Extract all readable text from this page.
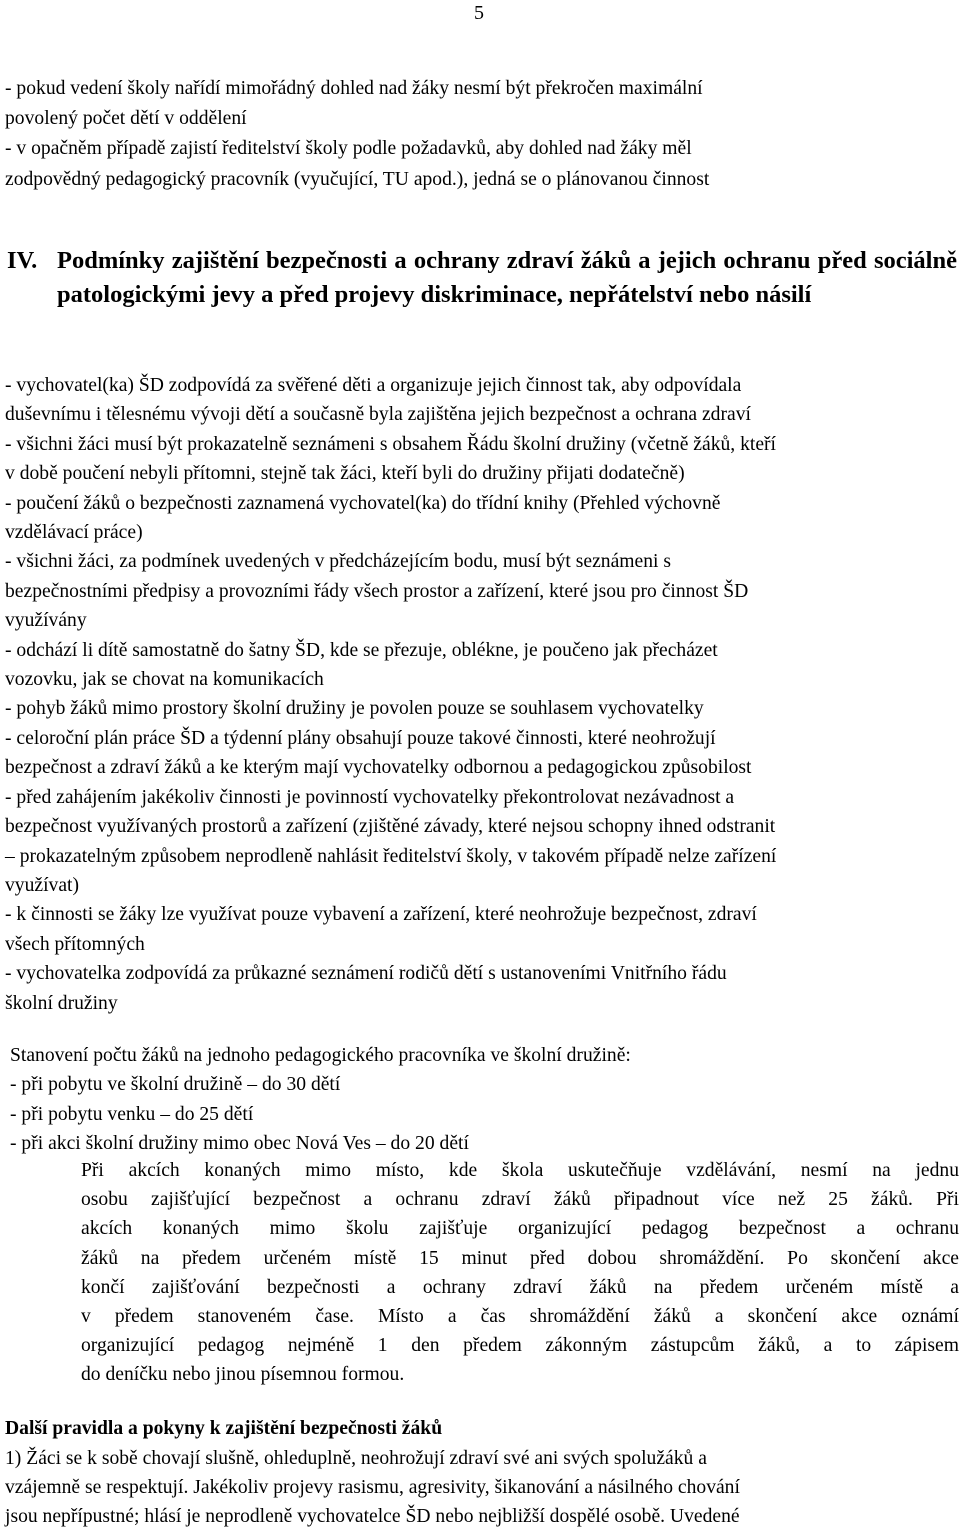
5
- pokud vedení školy nařídí mimořádný dohled nad žáky nesmí být překročen maximální
povolený počet dětí v oddělení
- v opačněm případě zajistí ředitelství školy podle požadavků, aby dohled nad žáky měl
zodpovědný pedagogický pracovník (vyučující, TU apod.), jedná se o plánovanou činnost
IV. Podmínky zajištění bezpečnosti a ochrany zdraví žáků a jejich ochranu před sociálně patologickými jevy a před projevy diskriminace, nepřátelství nebo násilí
- vychovatel(ka) ŠD zodpovídá za svěřené děti a organizuje jejich činnost tak, aby odpovídala
duševnímu i tělesnému vývoji dětí a současně byla zajištěna jejich bezpečnost a ochrana zdraví
- všichni žáci musí být prokazatelně seznámeni s obsahem Řádu školní družiny (včetně žáků, kteří
v době poučení nebyli přítomni, stejně tak žáci, kteří byli do družiny přijati dodatečně)
- poučení žáků o bezpečnosti zaznamená vychovatel(ka) do třídní knihy (Přehled výchovně
vzdělávací práce)
- všichni žáci, za podmínek uvedených v předcházejícím bodu, musí být seznámeni s
bezpečnostními předpisy a provozními řády všech prostor a zařízení, které jsou pro činnost ŠD
využívány
- odchází li dítě samostatně do šatny ŠD, kde se přezuje, oblékne, je poučeno jak přecházet
vozovku, jak se chovat na komunikacích
- pohyb žáků mimo prostory školní družiny je povolen pouze se souhlasem vychovatelky
- celoroční plán práce ŠD a týdenní plány obsahují pouze takové činnosti, které neohrožují
bezpečnost a zdraví žáků a ke kterým mají vychovatelky odbornou a pedagogickou způsobilost
- před zahájením jakékoliv činnosti je povinností vychovatelky překontrolovat nezávadnost a
bezpečnost využívaných prostorů a zařízení (zjištěné závady, které nejsou schopny ihned odstranit
– prokazatelným způsobem neprodleně nahlásit ředitelství školy, v takovém případě nelze zařízení
využívat)
- k činnosti se žáky lze využívat pouze vybavení a zařízení, které neohrožuje bezpečnost, zdraví
všech přítomných
- vychovatelka zodpovídá za průkazné seznámení rodičů dětí s ustanoveními Vnitřního řádu
školní družiny
Stanovení počtu žáků na jednoho pedagogického pracovníka ve školní družině:
- při pobytu ve školní družině – do 30 dětí
- při pobytu venku – do 25 dětí
- při akci školní družiny mimo obec Nová Ves – do 20 dětí
Při akcích konaných mimo místo, kde škola uskutečňuje vzdělávání, nesmí na jednu
osobu zajišťující bezpečnost a ochranu zdraví žáků připadnout více než 25 žáků. Při
akcích konaných mimo školu zajišťuje organizující pedagog bezpečnost a ochranu
žáků na předem určeném místě 15 minut před dobou shromáždění. Po skončení akce
končí zajišťování bezpečnosti a ochrany zdraví žáků na předem určeném místě a
v předem stanoveném čase. Místo a čas shromáždění žáků a skončení akce oznámí
organizující pedagog nejméně 1 den předem zákonným zástupcům žáků, a to zápisem
do deníčku nebo jinou písemnou formou.
Další pravidla a pokyny k zajištění bezpečnosti žáků
1) Žáci se k sobě chovají slušně, ohleduplně, neohrožují zdraví své ani svých spolužáků a
vzájemně se respektují. Jakékoliv projevy rasismu, agresivity, šikanování a násilného chování
jsou nepřípustné; hlásí je neprodleně vychovatelce ŠD nebo nejbližší dospělé osobě. Uvedené
